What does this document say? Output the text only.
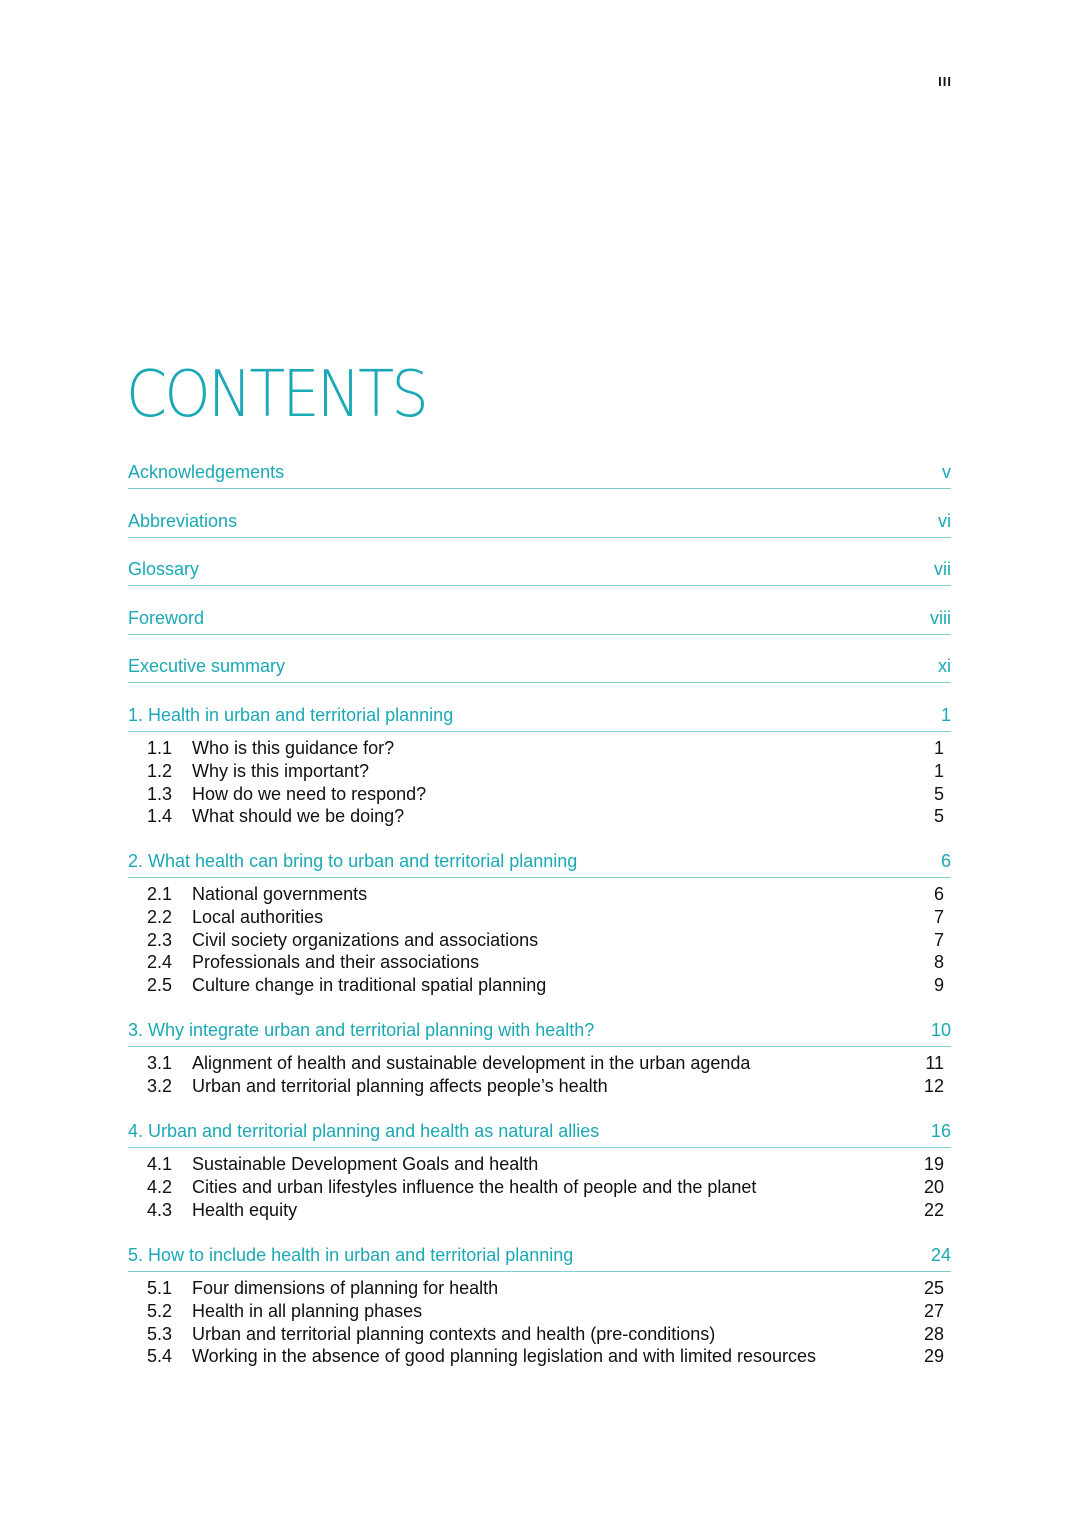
III
CONTENTS
Acknowledgements	v
Abbreviations	vi
Glossary	vii
Foreword	viii
Executive summary	xi
1. Health in urban and territorial planning	1
1.1	Who is this guidance for?	1
1.2	Why is this important?	1
1.3	How do we need to respond?	5
1.4	What should we be doing?	5
2. What health can bring to urban and territorial planning	6
2.1	National governments	6
2.2	Local authorities	7
2.3	Civil society organizations and associations	7
2.4	Professionals and their associations	8
2.5	Culture change in traditional spatial planning	9
3. Why integrate urban and territorial planning with health?	10
3.1	Alignment of health and sustainable development in the urban agenda	11
3.2	Urban and territorial planning affects people’s health	12
4. Urban and territorial planning and health as natural allies	16
4.1	Sustainable Development Goals and health	19
4.2	Cities and urban lifestyles influence the health of people and the planet	20
4.3	Health equity	22
5. How to include health in urban and territorial planning	24
5.1	Four dimensions of planning for health	25
5.2	Health in all planning phases	27
5.3	Urban and territorial planning contexts and health (pre-conditions)	28
5.4	Working in the absence of good planning legislation and with limited resources	29
